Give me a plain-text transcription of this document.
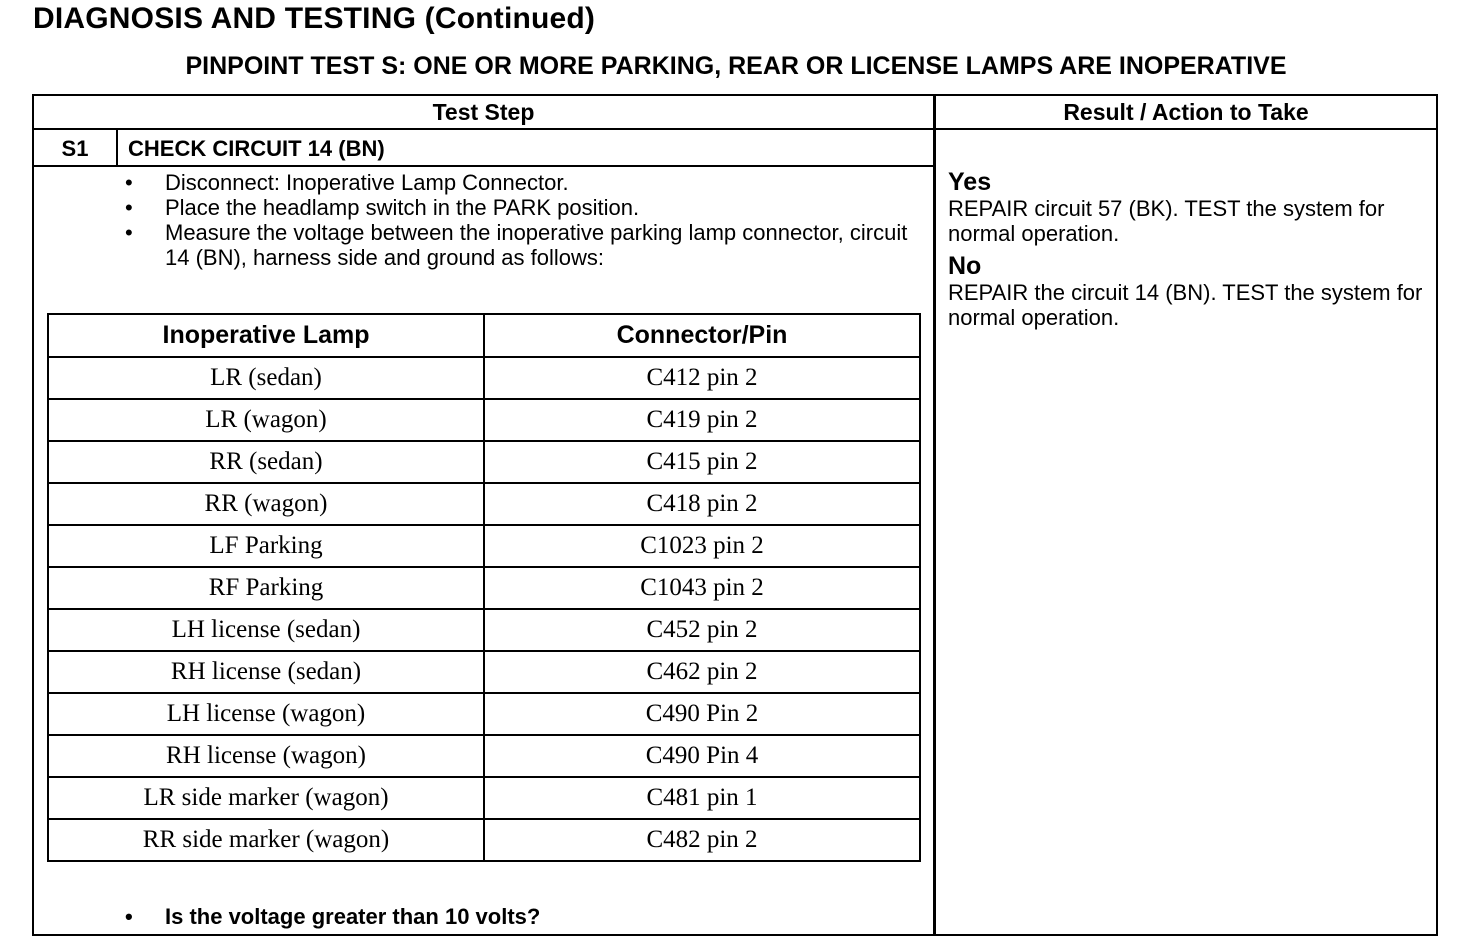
DIAGNOSIS AND TESTING (Continued)
PINPOINT TEST S: ONE OR MORE PARKING, REAR OR LICENSE LAMPS ARE INOPERATIVE
Test Step	Result / Action to Take
S1	CHECK CIRCUIT 14 (BN)
•	Disconnect: Inoperative Lamp Connector.
•	Place the headlamp switch in the PARK position.
•	Measure the voltage between the inoperative parking lamp connector, circuit 14 (BN), harness side and ground as follows:
Inoperative Lamp	Connector/Pin
LR (sedan)	C412 pin 2
LR (wagon)	C419 pin 2
RR (sedan)	C415 pin 2
RR (wagon)	C418 pin 2
LF Parking	C1023 pin 2
RF Parking	C1043 pin 2
LH license (sedan)	C452 pin 2
RH license (sedan)	C462 pin 2
LH license (wagon)	C490 Pin 2
RH license (wagon)	C490 Pin 4
LR side marker (wagon)	C481 pin 1
RR side marker (wagon)	C482 pin 2
•	Is the voltage greater than 10 volts?
Yes
REPAIR circuit 57 (BK). TEST the system for normal operation.
No
REPAIR the circuit 14 (BN). TEST the system for normal operation.
